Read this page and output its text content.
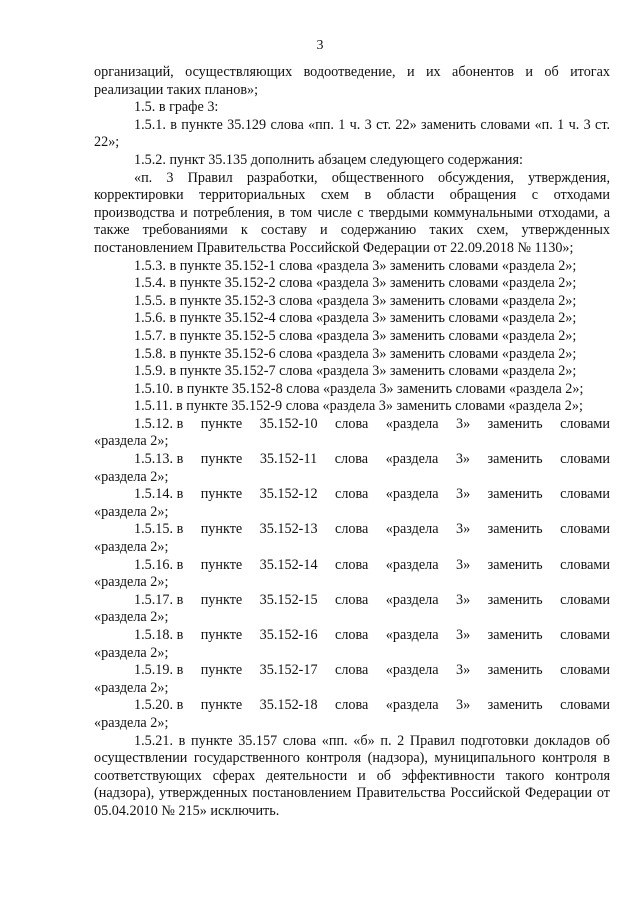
3

организаций, осуществляющих водоотведение, и их абонентов и об итогах реализации таких планов»;

1.5. в графе 3:

1.5.1. в пункте 35.129 слова «пп. 1 ч. 3 ст. 22» заменить словами «п. 1 ч. 3 ст. 22»;

1.5.2. пункт 35.135 дополнить абзацем следующего содержания:

«п. 3 Правил разработки, общественного обсуждения, утверждения, корректировки территориальных схем в области обращения с отходами производства и потребления, в том числе с твердыми коммунальными отходами, а также требованиями к составу и содержанию таких схем, утвержденных постановлением Правительства Российской Федерации от 22.09.2018 № 1130»;

1.5.3. в пункте 35.152-1 слова «раздела 3» заменить словами «раздела 2»;

1.5.4. в пункте 35.152-2 слова «раздела 3» заменить словами «раздела 2»;

1.5.5. в пункте 35.152-3 слова «раздела 3» заменить словами «раздела 2»;

1.5.6. в пункте 35.152-4 слова «раздела 3» заменить словами «раздела 2»;

1.5.7. в пункте 35.152-5 слова «раздела 3» заменить словами «раздела 2»;

1.5.8. в пункте 35.152-6 слова «раздела 3» заменить словами «раздела 2»;

1.5.9. в пункте 35.152-7 слова «раздела 3» заменить словами «раздела 2»;

1.5.10. в пункте 35.152-8 слова «раздела 3» заменить словами «раздела 2»;

1.5.11. в пункте 35.152-9 слова «раздела 3» заменить словами «раздела 2»;

1.5.12. в пункте 35.152-10 слова «раздела 3» заменить словами

«раздела 2»;

1.5.13. в пункте 35.152-11 слова «раздела 3» заменить словами

«раздела 2»;

1.5.14. в пункте 35.152-12 слова «раздела 3» заменить словами

«раздела 2»;

1.5.15. в пункте 35.152-13 слова «раздела 3» заменить словами

«раздела 2»;

1.5.16. в пункте 35.152-14 слова «раздела 3» заменить словами

«раздела 2»;

1.5.17. в пункте 35.152-15 слова «раздела 3» заменить словами

«раздела 2»;

1.5.18. в пункте 35.152-16 слова «раздела 3» заменить словами

«раздела 2»;

1.5.19. в пункте 35.152-17 слова «раздела 3» заменить словами

«раздела 2»;

1.5.20. в пункте 35.152-18 слова «раздела 3» заменить словами

«раздела 2»;

1.5.21. в пункте 35.157 слова «пп. «б» п. 2 Правил подготовки докладов об осуществлении государственного контроля (надзора), муниципального контроля в соответствующих сферах деятельности и об эффективности такого контроля (надзора), утвержденных постановлением Правительства Российской Федерации от 05.04.2010 № 215» исключить.
